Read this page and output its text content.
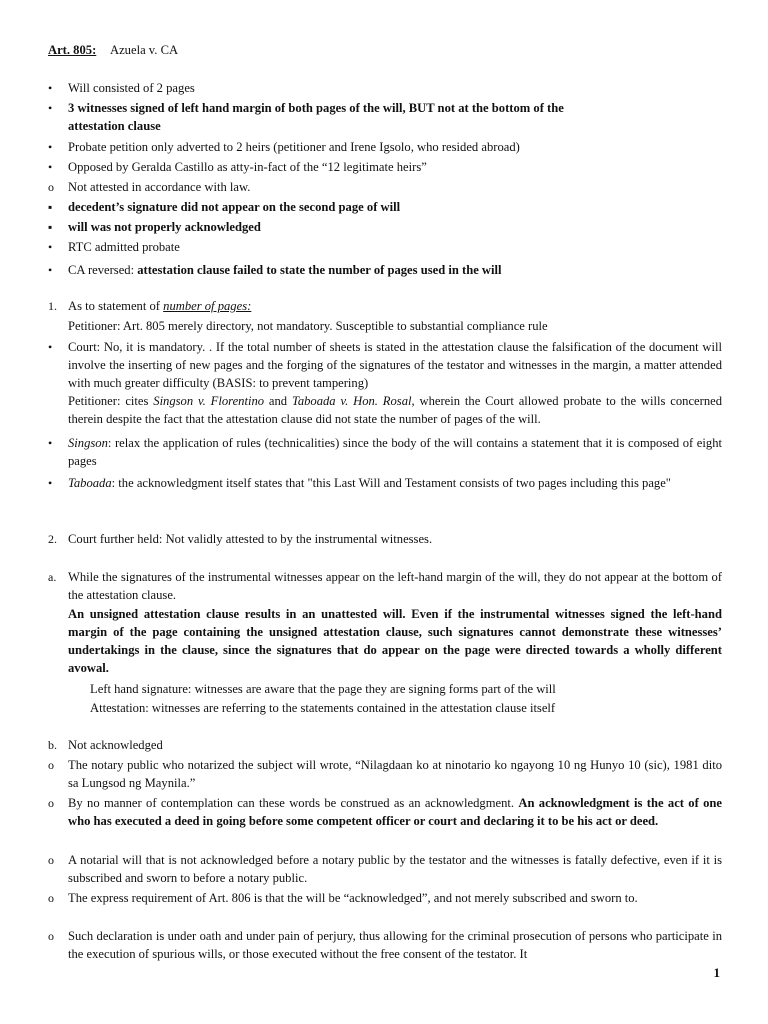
Art. 805: Azuela v. CA
• Will consisted of 2 pages
• 3 witnesses signed of left hand margin of both pages of the will, BUT not at the bottom of the
attestation clause
• Probate petition only adverted to 2 heirs (petitioner and Irene Igsolo, who resided abroad)
• Opposed by Geralda Castillo as atty-in-fact of the “12 legitimate heirs”
o Not attested in accordance with law.
▪ decedent’s signature did not appear on the second page of will
▪ will was not properly acknowledged
• RTC admitted probate
• CA reversed: attestation clause failed to state the number of pages used in the will
1. As to statement of number of pages:
Petitioner: Art. 805 merely directory, not mandatory. Susceptible to substantial compliance rule
• Court: No, it is mandatory. . If the total number of sheets is stated in the attestation clause the falsification of the document will involve the inserting of new pages and the forging of the signatures of the testator and witnesses in the margin, a matter attended with much greater difficulty (BASIS: to prevent tampering)
Petitioner: cites Singson v. Florentino and Taboada v. Hon. Rosal, wherein the Court allowed probate to the wills concerned therein despite the fact that the attestation clause did not state the number of pages of the will.
• Singson: relax the application of rules (technicalities) since the body of the will contains a statement that it is composed of eight pages
• Taboada: the acknowledgment itself states that "this Last Will and Testament consists of two pages including this page"
2. Court further held: Not validly attested to by the instrumental witnesses.
a. While the signatures of the instrumental witnesses appear on the left-hand margin of the will, they do not appear at the bottom of the attestation clause.
An unsigned attestation clause results in an unattested will. Even if the instrumental witnesses signed the left-hand margin of the page containing the unsigned attestation clause, such signatures cannot demonstrate these witnesses’ undertakings in the clause, since the signatures that do appear on the page were directed towards a wholly different avowal.
Left hand signature: witnesses are aware that the page they are signing forms part of the will
Attestation: witnesses are referring to the statements contained in the attestation clause itself
b. Not acknowledged
o The notary public who notarized the subject will wrote, “Nilagdaan ko at ninotario ko ngayong 10 ng Hunyo 10 (sic), 1981 dito sa Lungsod ng Maynila.”
o By no manner of contemplation can these words be construed as an acknowledgment. An acknowledgment is the act of one who has executed a deed in going before some competent officer or court and declaring it to be his act or deed.
o A notarial will that is not acknowledged before a notary public by the testator and the witnesses is fatally defective, even if it is subscribed and sworn to before a notary public.
o The express requirement of Art. 806 is that the will be “acknowledged”, and not merely subscribed and sworn to.
o Such declaration is under oath and under pain of perjury, thus allowing for the criminal prosecution of persons who participate in the execution of spurious wills, or those executed without the free consent of the testator. It
1
